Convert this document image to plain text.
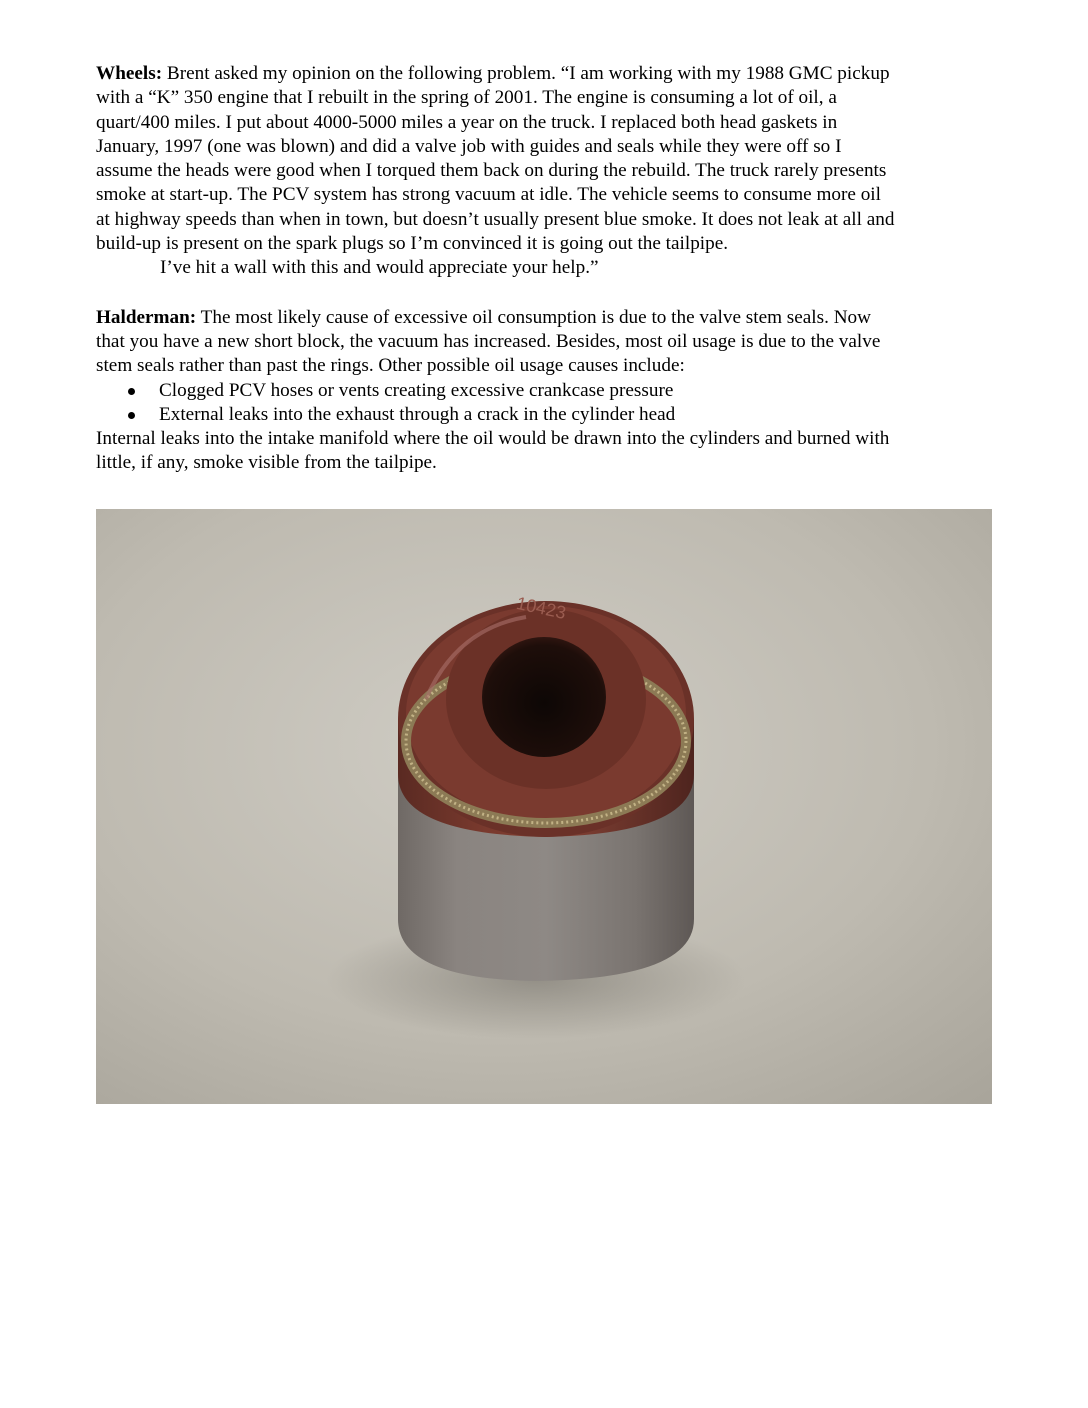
Wheels: Brent asked my opinion on the following problem. “I am working with my 1988 GMC pickup
with a “K” 350 engine that I rebuilt in the spring of 2001. The engine is consuming a lot of oil, a
quart/400 miles. I put about 4000-5000 miles a year on the truck. I replaced both head gaskets in
January, 1997 (one was blown) and did a valve job with guides and seals while they were off so I
assume the heads were good when I torqued them back on during the rebuild. The truck rarely presents
smoke at start-up. The PCV system has strong vacuum at idle. The vehicle seems to consume more oil
at highway speeds than when in town, but doesn’t usually present blue smoke. It does not leak at all and
build-up is present on the spark plugs so I’m convinced it is going out the tailpipe.
I’ve hit a wall with this and would appreciate your help.”

Halderman: The most likely cause of excessive oil consumption is due to the valve stem seals. Now
that you have a new short block, the vacuum has increased. Besides, most oil usage is due to the valve
stem seals rather than past the rings. Other possible oil usage causes include:

Clogged PCV hoses or vents creating excessive crankcase pressure
External leaks into the exhaust through a crack in the cylinder head

Internal leaks into the intake manifold where the oil would be drawn into the cylinders and burned with
little, if any, smoke visible from the tailpipe.

10423
